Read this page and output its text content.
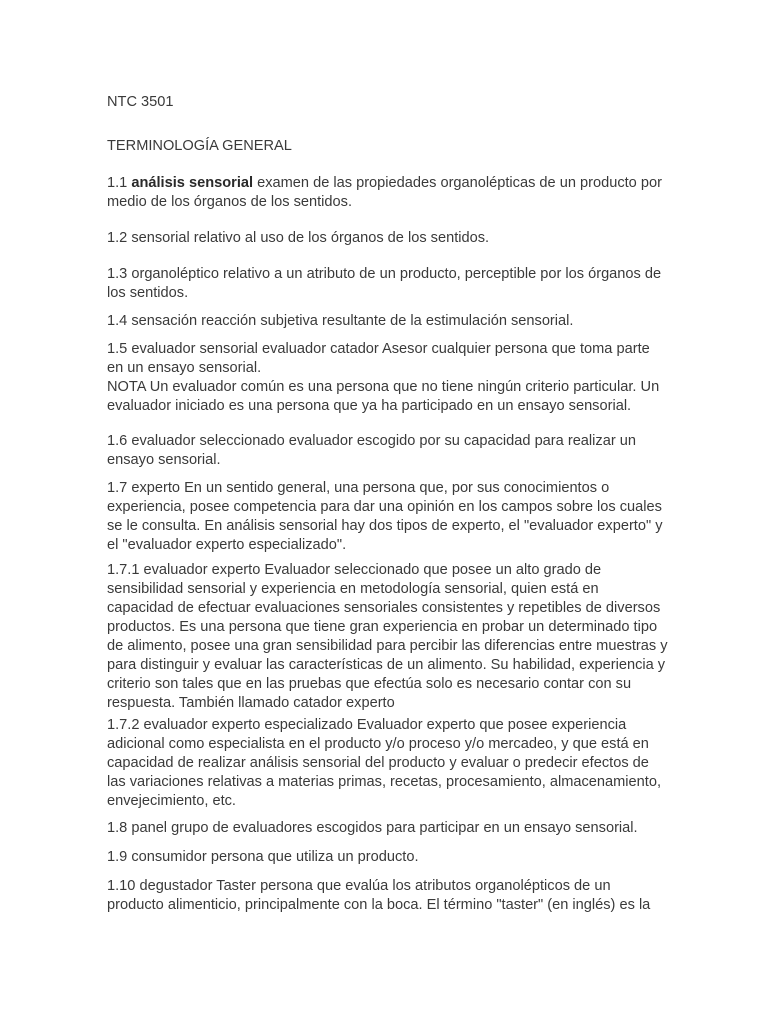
NTC 3501

TERMINOLOGÍA GENERAL

1.1 análisis sensorial examen de las propiedades organolépticas de un producto por
medio de los órganos de los sentidos.

1.2 sensorial relativo al uso de los órganos de los sentidos.

1.3 organoléptico relativo a un atributo de un producto, perceptible por los órganos de
los sentidos.

1.4 sensación reacción subjetiva resultante de la estimulación sensorial.

1.5 evaluador sensorial evaluador catador Asesor cualquier persona que toma parte
en un ensayo sensorial.
NOTA Un evaluador común es una persona que no tiene ningún criterio particular. Un
evaluador iniciado es una persona que ya ha participado en un ensayo sensorial.

1.6 evaluador seleccionado evaluador escogido por su capacidad para realizar un
ensayo sensorial.

1.7 experto En un sentido general, una persona que, por sus conocimientos o
experiencia, posee competencia para dar una opinión en los campos sobre los cuales
se le consulta. En análisis sensorial hay dos tipos de experto, el "evaluador experto" y
el "evaluador experto especializado".

1.7.1 evaluador experto Evaluador seleccionado que posee un alto grado de
sensibilidad sensorial y experiencia en metodología sensorial, quien está en
capacidad de efectuar evaluaciones sensoriales consistentes y repetibles de diversos
productos. Es una persona que tiene gran experiencia en probar un determinado tipo
de alimento, posee una gran sensibilidad para percibir las diferencias entre muestras y
para distinguir y evaluar las características de un alimento. Su habilidad, experiencia y
criterio son tales que en las pruebas que efectúa solo es necesario contar con su
respuesta. También llamado catador experto

1.7.2 evaluador experto especializado Evaluador experto que posee experiencia
adicional como especialista en el producto y/o proceso y/o mercadeo, y que está en
capacidad de realizar análisis sensorial del producto y evaluar o predecir efectos de
las variaciones relativas a materias primas, recetas, procesamiento, almacenamiento,
envejecimiento, etc.

1.8 panel grupo de evaluadores escogidos para participar en un ensayo sensorial.

1.9 consumidor persona que utiliza un producto.

1.10 degustador Taster persona que evalúa los atributos organolépticos de un
producto alimenticio, principalmente con la boca. El término "taster" (en inglés) es la
